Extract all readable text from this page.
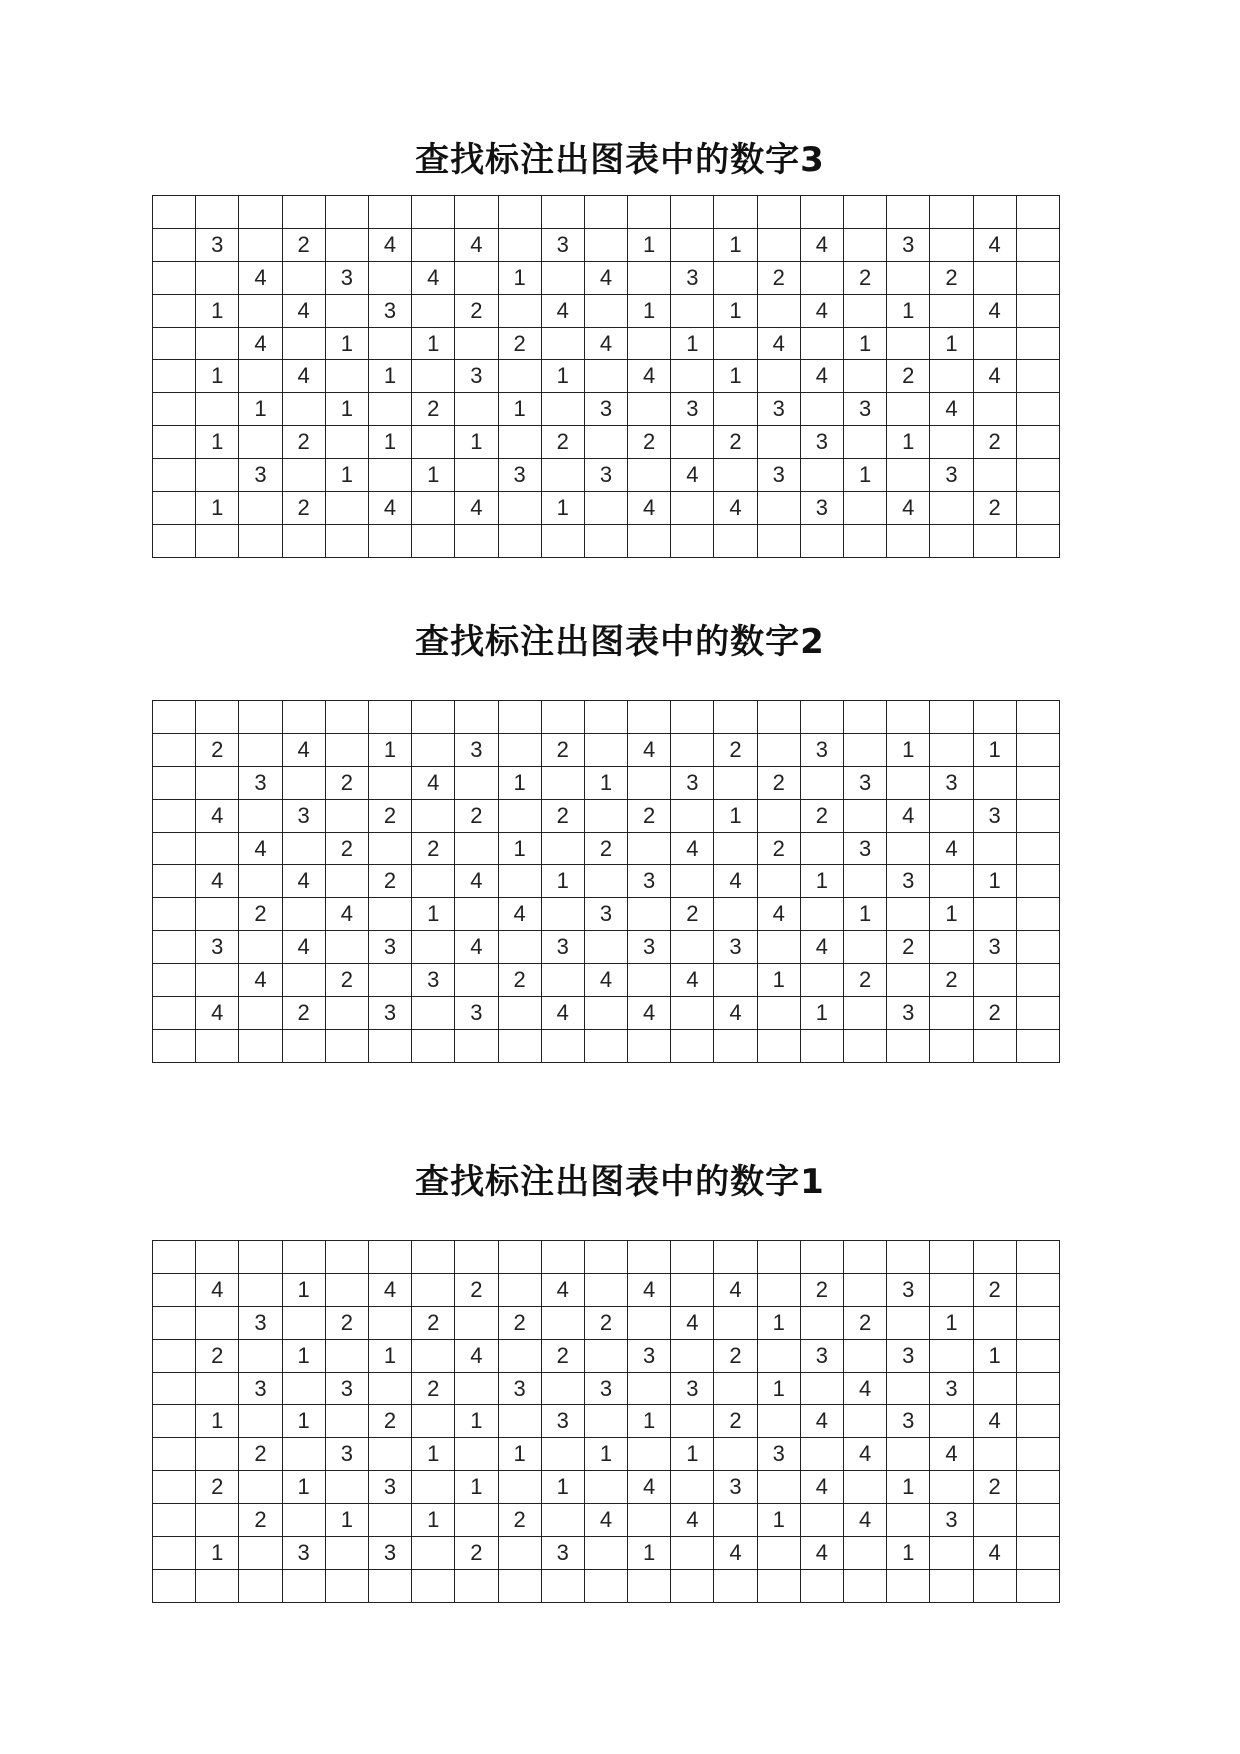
查找标注出图表中的数字3

	3		2		4		4		3		1		1		4		3		4	
		4		3		4		1		4		3		2		2		2		
	1		4		3		2		4		1		1		4		1		4	
		4		1		1		2		4		1		4		1		1		
	1		4		1		3		1		4		1		4		2		4	
		1		1		2		1		3		3		3		3		4		
	1		2		1		1		2		2		2		3		1		2	
		3		1		1		3		3		4		3		1		3		
	1		2		4		4		1		4		4		3		4		2	

查找标注出图表中的数字2

	2		4		1		3		2		4		2		3		1		1	
		3		2		4		1		1		3		2		3		3		
	4		3		2		2		2		2		1		2		4		3	
		4		2		2		1		2		4		2		3		4		
	4		4		2		4		1		3		4		1		3		1	
		2		4		1		4		3		2		4		1		1		
	3		4		3		4		3		3		3		4		2		3	
		4		2		3		2		4		4		1		2		2		
	4		2		3		3		4		4		4		1		3		2	

查找标注出图表中的数字1

	4		1		4		2		4		4		4		2		3		2	
		3		2		2		2		2		4		1		2		1		
	2		1		1		4		2		3		2		3		3		1	
		3		3		2		3		3		3		1		4		3		
	1		1		2		1		3		1		2		4		3		4	
		2		3		1		1		1		1		3		4		4		
	2		1		3		1		1		4		3		4		1		2	
		2		1		1		2		4		4		1		4		3		
	1		3		3		2		3		1		4		4		1		4	
